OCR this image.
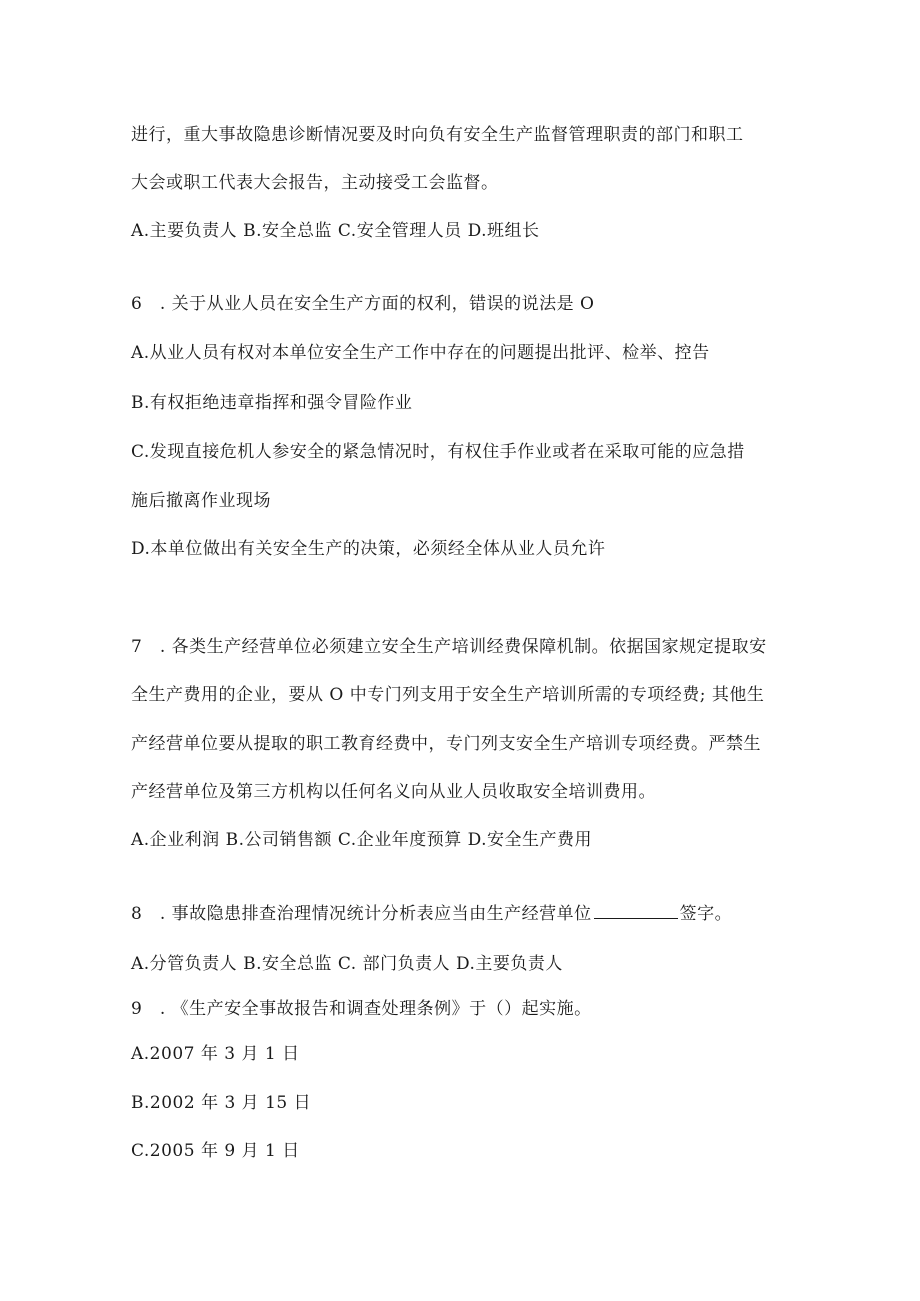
进行，重大事故隐患诊断情况要及时向负有安全生产监督管理职责的部门和职工
大会或职工代表大会报告，主动接受工会监督。
A.主要负责人 B.安全总监 C.安全管理人员 D.班组长
6　. 关于从业人员在安全生产方面的权利，错误的说法是 O
A.从业人员有权对本单位安全生产工作中存在的问题提出批评、检举、控告
B.有权拒绝违章指挥和强令冒险作业
C.发现直接危机人参安全的紧急情况时，有权住手作业或者在采取可能的应急措
施后撤离作业现场
D.本单位做出有关安全生产的决策，必须经全体从业人员允许
7　. 各类生产经营单位必须建立安全生产培训经费保障机制。依据国家规定提取安
全生产费用的企业，要从 O 中专门列支用于安全生产培训所需的专项经费; 其他生
产经营单位要从提取的职工教育经费中，专门列支安全生产培训专项经费。严禁生
产经营单位及第三方机构以任何名义向从业人员收取安全培训费用。
A.企业利润 B.公司销售额 C.企业年度预算 D.安全生产费用
8　. 事故隐患排查治理情况统计分析表应当由生产经营单位	签字。
A.分管负责人 B.安全总监 C. 部门负责人 D.主要负责人
9　. 《生产安全事故报告和调查处理条例》于（）起实施。
A.2007 年 3 月 1 日
B.2002 年 3 月 15 日
C.2005 年 9 月 1 日
